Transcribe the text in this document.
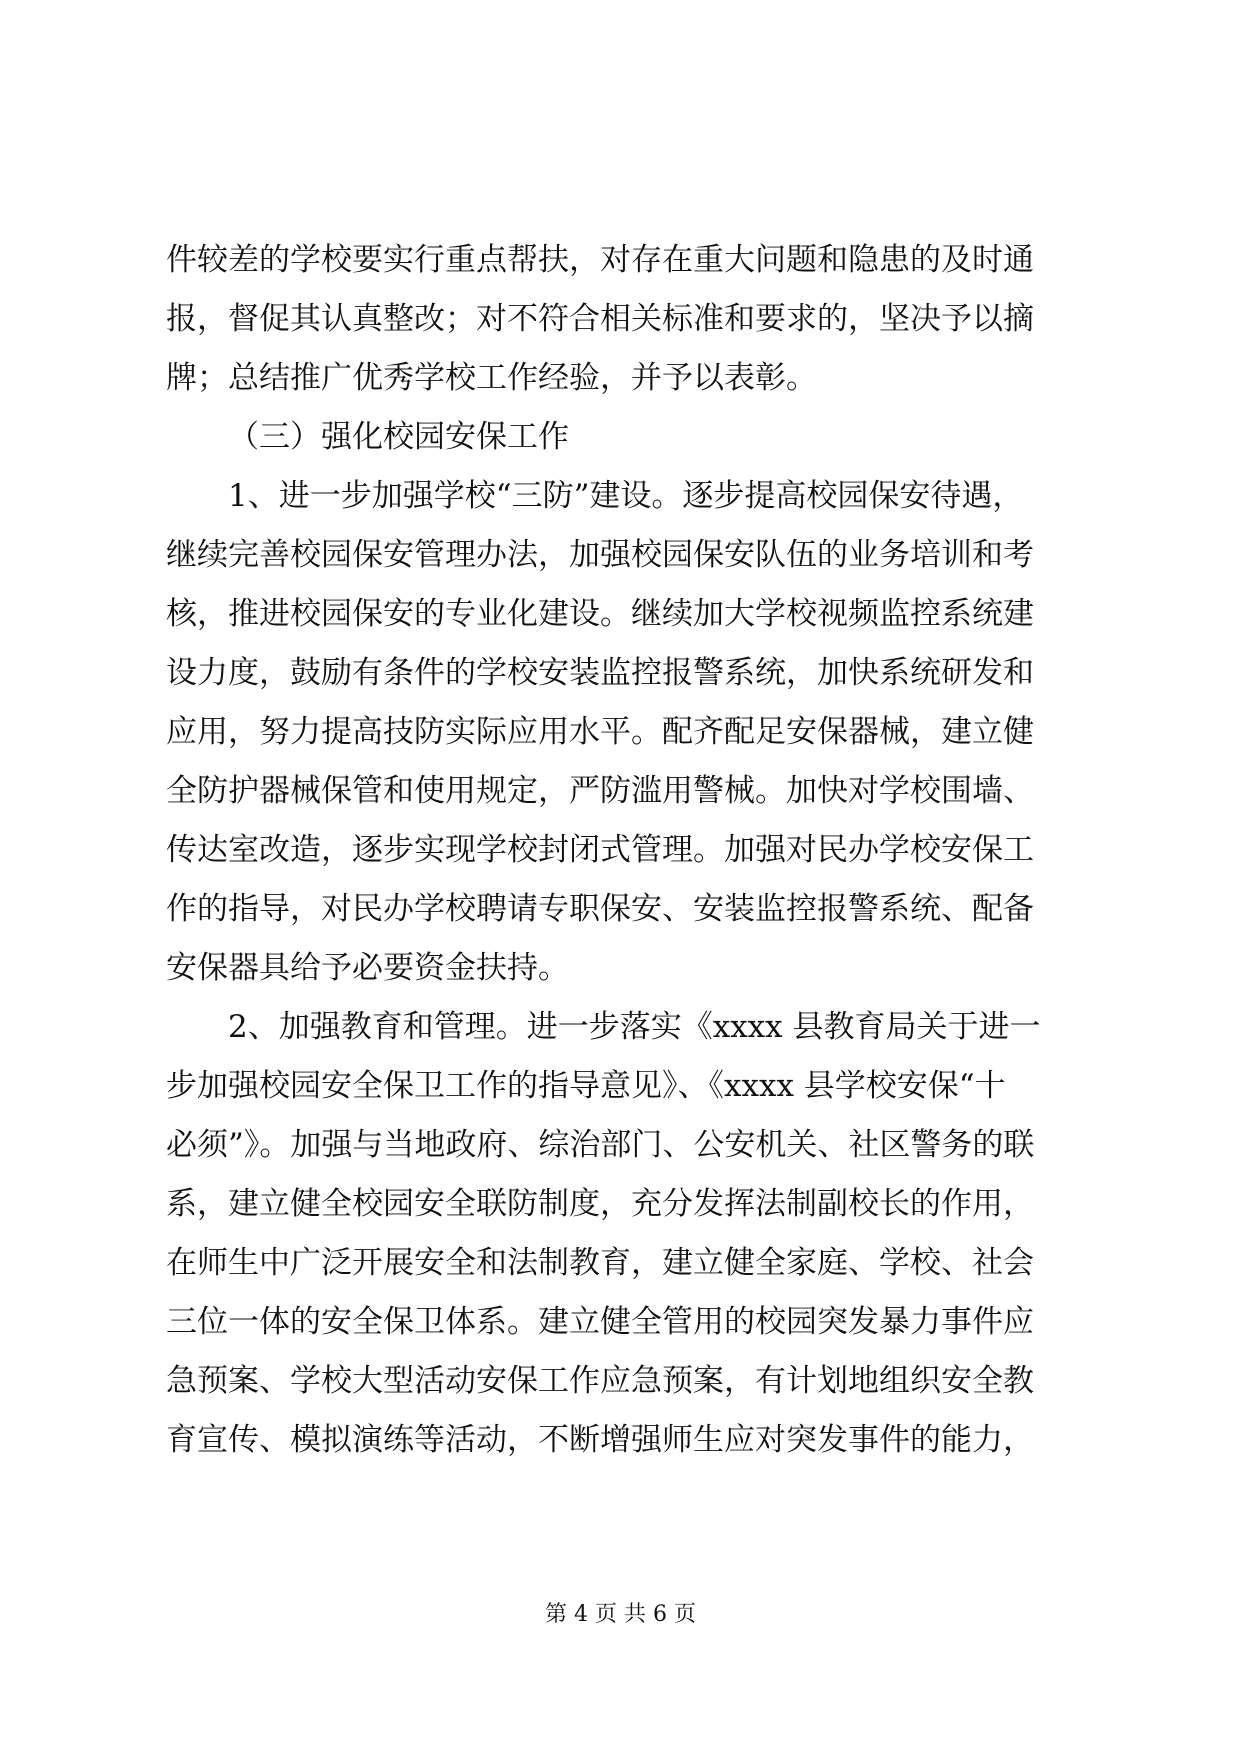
件较差的学校要实行重点帮扶，对存在重大问题和隐患的及时通
报，督促其认真整改；对不符合相关标准和要求的，坚决予以摘
牌；总结推广优秀学校工作经验，并予以表彰。
（三）强化校园安保工作
1、进一步加强学校“三防”建设。逐步提高校园保安待遇，
继续完善校园保安管理办法，加强校园保安队伍的业务培训和考
核，推进校园保安的专业化建设。继续加大学校视频监控系统建
设力度，鼓励有条件的学校安装监控报警系统，加快系统研发和
应用，努力提高技防实际应用水平。配齐配足安保器械，建立健
全防护器械保管和使用规定，严防滥用警械。加快对学校围墙、
传达室改造，逐步实现学校封闭式管理。加强对民办学校安保工
作的指导，对民办学校聘请专职保安、安装监控报警系统、配备
安保器具给予必要资金扶持。
2、加强教育和管理。进一步落实《xxxx 县教育局关于进一
步加强校园安全保卫工作的指导意见》、《xxxx 县学校安保“十
必须”》。加强与当地政府、综治部门、公安机关、社区警务的联
系，建立健全校园安全联防制度，充分发挥法制副校长的作用，
在师生中广泛开展安全和法制教育，建立健全家庭、学校、社会
三位一体的安全保卫体系。建立健全管用的校园突发暴力事件应
急预案、学校大型活动安保工作应急预案，有计划地组织安全教
育宣传、模拟演练等活动，不断增强师生应对突发事件的能力，
第 4 页 共 6 页
